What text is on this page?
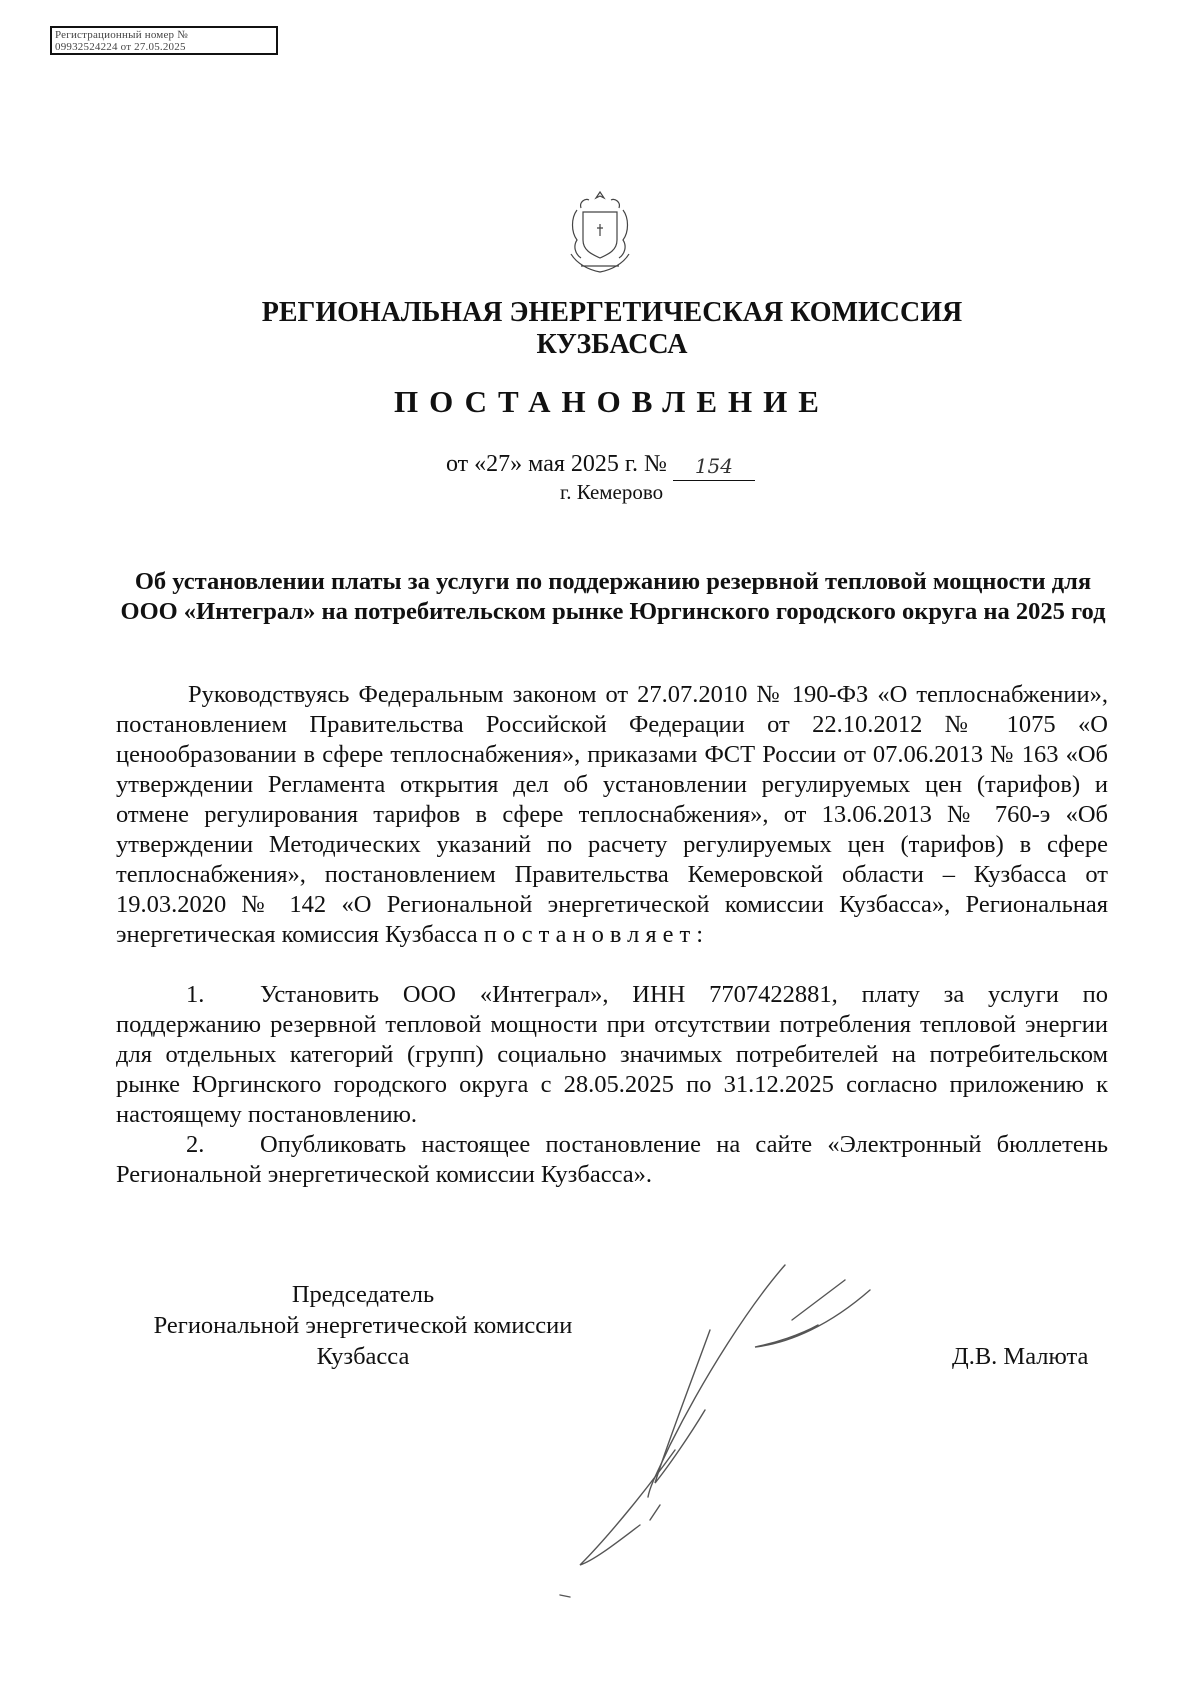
Регистрационный номер №
09932524224 от 27.05.2025
РЕГИОНАЛЬНАЯ ЭНЕРГЕТИЧЕСКАЯ КОМИССИЯ
КУЗБАССА
ПОСТАНОВЛЕНИЕ
от «27» мая 2025 г. № 154
г. Кемерово
Об установлении платы за услуги по поддержанию резервной тепловой мощности для ООО «Интеграл» на потребительском рынке Юргинского городского округа на 2025 год
Руководствуясь Федеральным законом от 27.07.2010 № 190-ФЗ «О теплоснабжении», постановлением Правительства Российской Федерации от 22.10.2012 № 1075 «О ценообразовании в сфере теплоснабжения», приказами ФСТ России от 07.06.2013 № 163 «Об утверждении Регламента открытия дел об установлении регулируемых цен (тарифов) и отмене регулирования тарифов в сфере теплоснабжения», от 13.06.2013 № 760-э «Об утверждении Методических указаний по расчету регулируемых цен (тарифов) в сфере теплоснабжения», постановлением Правительства Кемеровской области – Кузбасса от 19.03.2020 № 142 «О Региональной энергетической комиссии Кузбасса», Региональная энергетическая комиссия Кузбасса постановляет:
1. Установить ООО «Интеграл», ИНН 7707422881, плату за услуги по поддержанию резервной тепловой мощности при отсутствии потребления тепловой энергии для отдельных категорий (групп) социально значимых потребителей на потребительском рынке Юргинского городского округа с 28.05.2025 по 31.12.2025 согласно приложению к настоящему постановлению.
2. Опубликовать настоящее постановление на сайте «Электронный бюллетень Региональной энергетической комиссии Кузбасса».
Председатель
Региональной энергетической комиссии
Кузбасса	Д.В. Малюта
